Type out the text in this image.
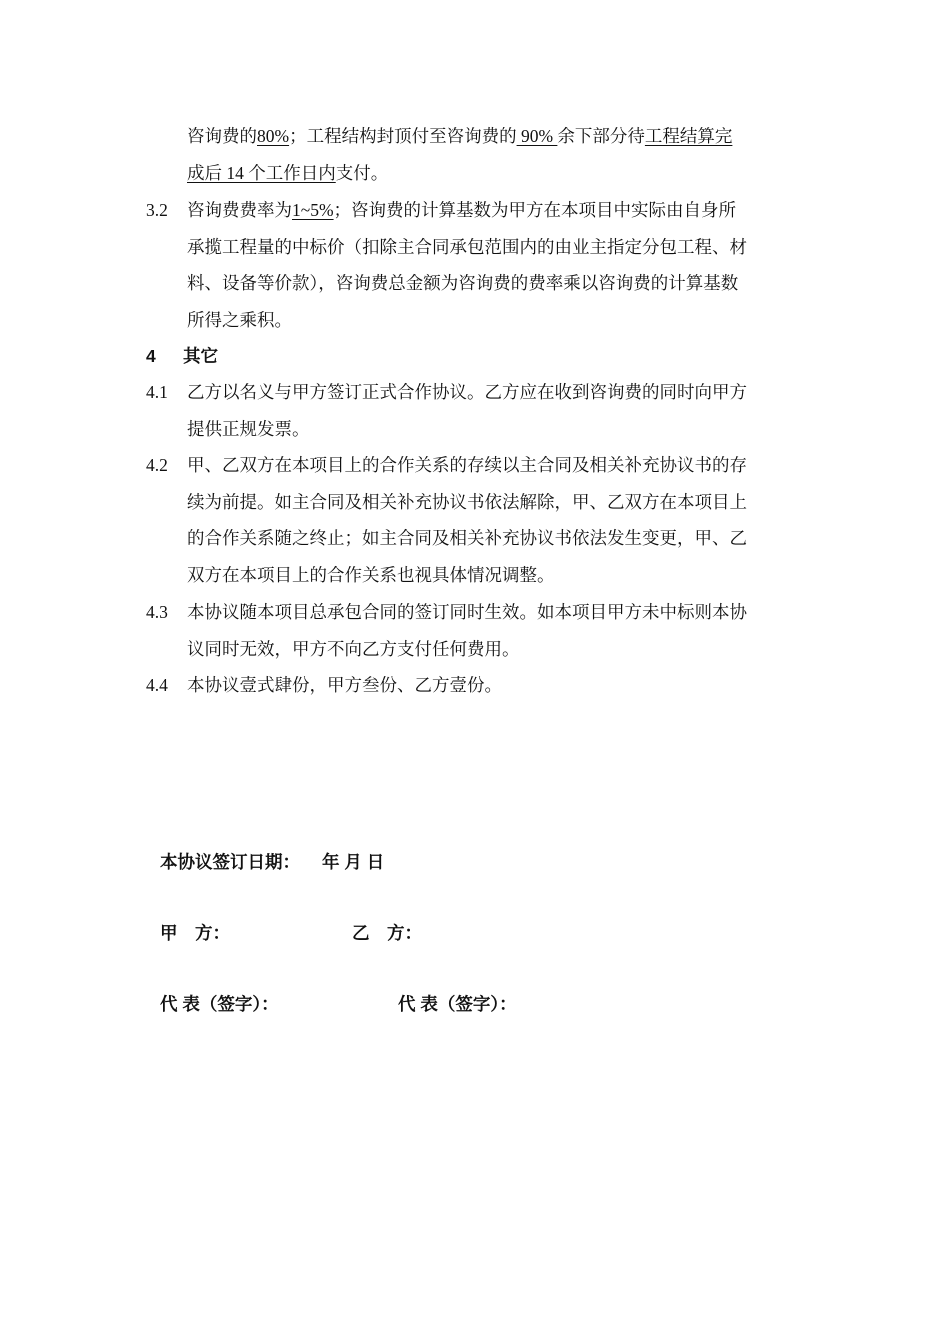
咨询费的80%；工程结构封顶付至咨询费的 90% 余下部分待工程结算完
成后 14 个工作日内支付。
3.2 咨询费费率为1~5%；咨询费的计算基数为甲方在本项目中实际由自身所
承揽工程量的中标价（扣除主合同承包范围内的由业主指定分包工程、材
料、设备等价款），咨询费总金额为咨询费的费率乘以咨询费的计算基数
所得之乘积。
4 其它
4.1 乙方以名义与甲方签订正式合作协议。乙方应在收到咨询费的同时向甲方
提供正规发票。
4.2 甲、乙双方在本项目上的合作关系的存续以主合同及相关补充协议书的存
续为前提。如主合同及相关补充协议书依法解除，甲、乙双方在本项目上
的合作关系随之终止；如主合同及相关补充协议书依法发生变更，甲、乙
双方在本项目上的合作关系也视具体情况调整。
4.3 本协议随本项目总承包合同的签订同时生效。如本项目甲方未中标则本协
议同时无效，甲方不向乙方支付任何费用。
4.4 本协议壹式肆份，甲方叁份、乙方壹份。
本协议签订日期： 年 月 日
甲　方：	乙　方：
代 表（签字）：	代 表（签字）：
